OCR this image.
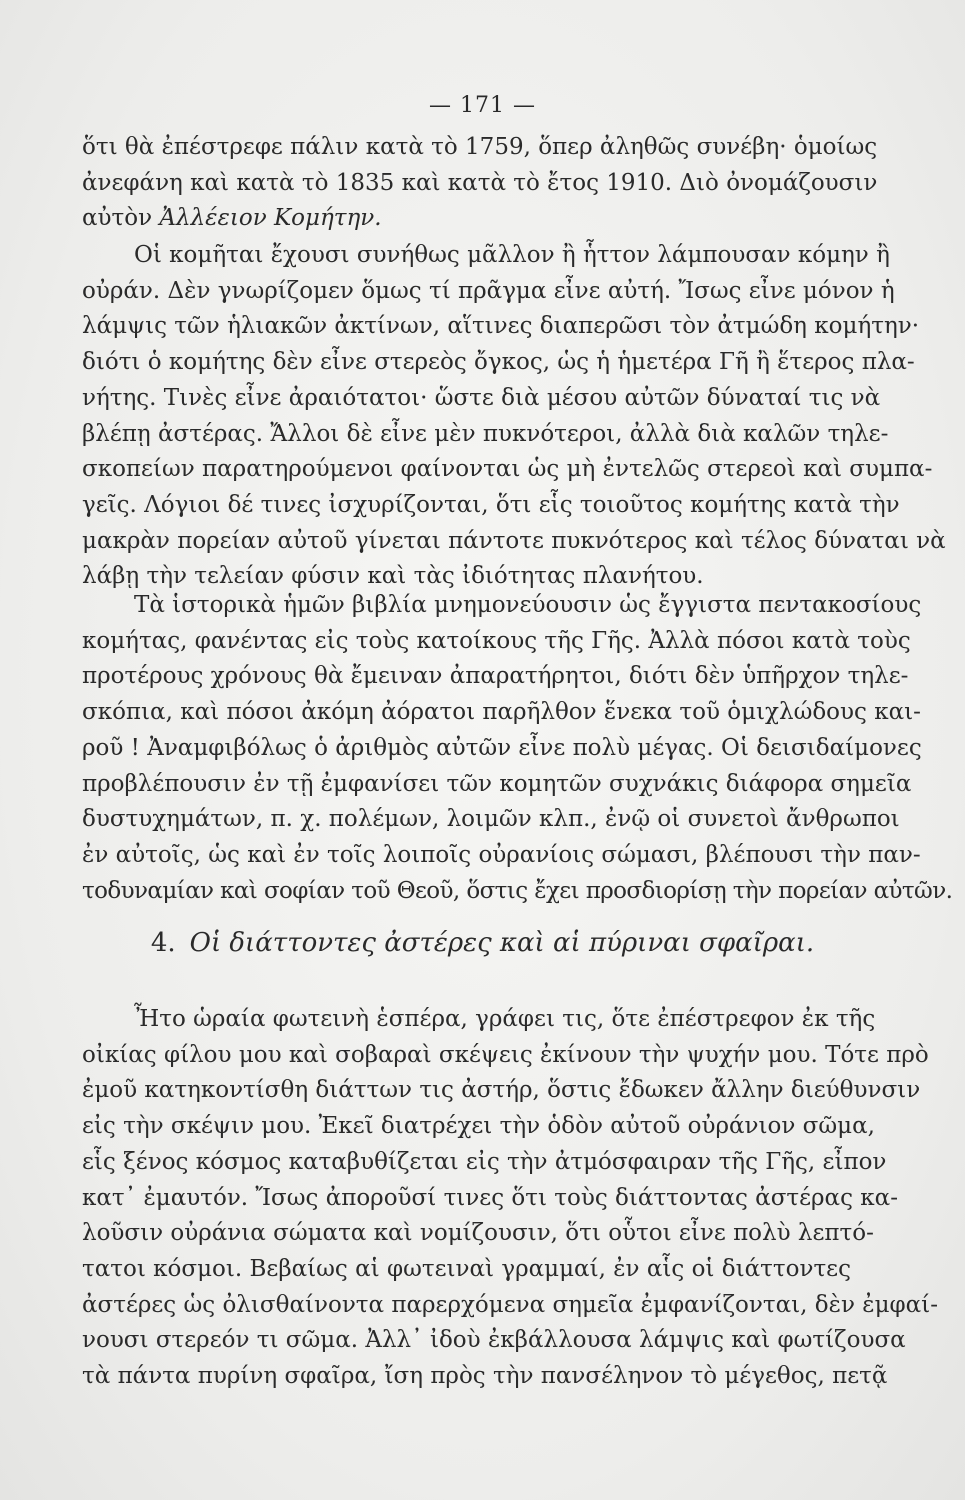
— 171 —
ὅτι θὰ ἐπέστρεφε πάλιν κατὰ τὸ 1759, ὅπερ ἀληθῶς συνέβη· ὁμοίως
ἀνεφάνη καὶ κατὰ τὸ 1835 καὶ κατὰ τὸ ἔτος 1910. Διὸ ὀνομάζουσιν
αὐτὸν Ἀλλέειον Κομήτην.
Οἱ κομῆται ἔχουσι συνήθως μᾶλλον ἢ ἧττον λάμπουσαν κόμην ἢ
οὐράν. Δὲν γνωρίζομεν ὅμως τί πρᾶγμα εἶνε αὐτή. Ἴσως εἶνε μόνον ἡ
λάμψις τῶν ἡλιακῶν ἀκτίνων, αἵτινες διαπερῶσι τὸν ἀτμώδη κομήτην·
διότι ὁ κομήτης δὲν εἶνε στερεὸς ὄγκος, ὡς ἡ ἡμετέρα Γῆ ἢ ἕτερος πλα-
νήτης. Τινὲς εἶνε ἀραιότατοι· ὥστε διὰ μέσου αὐτῶν δύναταί τις νὰ
βλέπῃ ἀστέρας. Ἄλλοι δὲ εἶνε μὲν πυκνότεροι, ἀλλὰ διὰ καλῶν τηλε-
σκοπείων παρατηρούμενοι φαίνονται ὡς μὴ ἐντελῶς στερεοὶ καὶ συμπα-
γεῖς. Λόγιοι δέ τινες ἰσχυρίζονται, ὅτι εἷς τοιοῦτος κομήτης κατὰ τὴν
μακρὰν πορείαν αὐτοῦ γίνεται πάντοτε πυκνότερος καὶ τέλος δύναται νὰ
λάβῃ τὴν τελείαν φύσιν καὶ τὰς ἰδιότητας πλανήτου.
Τὰ ἱστορικὰ ἡμῶν βιβλία μνημονεύουσιν ὡς ἔγγιστα πεντακοσίους
κομήτας, φανέντας εἰς τοὺς κατοίκους τῆς Γῆς. Ἀλλὰ πόσοι κατὰ τοὺς
προτέρους χρόνους θὰ ἔμειναν ἀπαρατήρητοι, διότι δὲν ὑπῆρχον τηλε-
σκόπια, καὶ πόσοι ἀκόμη ἀόρατοι παρῆλθον ἕνεκα τοῦ ὁμιχλώδους και-
ροῦ ! Ἀναμφιβόλως ὁ ἀριθμὸς αὐτῶν εἶνε πολὺ μέγας. Οἱ δεισιδαίμονες
προβλέπουσιν ἐν τῇ ἐμφανίσει τῶν κομητῶν συχνάκις διάφορα σημεῖα
δυστυχημάτων, π. χ. πολέμων, λοιμῶν κλπ., ἐνῷ οἱ συνετοὶ ἄνθρωποι
ἐν αὐτοῖς, ὡς καὶ ἐν τοῖς λοιποῖς οὐρανίοις σώμασι, βλέπουσι τὴν παν-
τοδυναμίαν καὶ σοφίαν τοῦ Θεοῦ, ὅστις ἔχει προσδιορίσῃ τὴν πορείαν αὐτῶν.
4. Οἱ διάττοντες ἀστέρες καὶ αἱ πύριναι σφαῖραι.
Ἦτο ὡραία φωτεινὴ ἑσπέρα, γράφει τις, ὅτε ἐπέστρεφον ἐκ τῆς
οἰκίας φίλου μου καὶ σοβαραὶ σκέψεις ἐκίνουν τὴν ψυχήν μου. Τότε πρὸ
ἐμοῦ κατηκοντίσθη διάττων τις ἀστήρ, ὅστις ἔδωκεν ἄλλην διεύθυνσιν
εἰς τὴν σκέψιν μου. Ἐκεῖ διατρέχει τὴν ὁδὸν αὐτοῦ οὐράνιον σῶμα,
εἷς ξένος κόσμος καταβυθίζεται εἰς τὴν ἀτμόσφαιραν τῆς Γῆς, εἶπον
κατ᾽ ἐμαυτόν. Ἴσως ἀποροῦσί τινες ὅτι τοὺς διάττοντας ἀστέρας κα-
λοῦσιν οὐράνια σώματα καὶ νομίζουσιν, ὅτι οὗτοι εἶνε πολὺ λεπτό-
τατοι κόσμοι. Βεβαίως αἱ φωτειναὶ γραμμαί, ἐν αἷς οἱ διάττοντες
ἀστέρες ὡς ὀλισθαίνοντα παρερχόμενα σημεῖα ἐμφανίζονται, δὲν ἐμφαί-
νουσι στερεόν τι σῶμα. Ἀλλ᾽ ἰδοὺ ἐκβάλλουσα λάμψις καὶ φωτίζουσα
τὰ πάντα πυρίνη σφαῖρα, ἴση πρὸς τὴν πανσέληνον τὸ μέγεθος, πετᾷ
